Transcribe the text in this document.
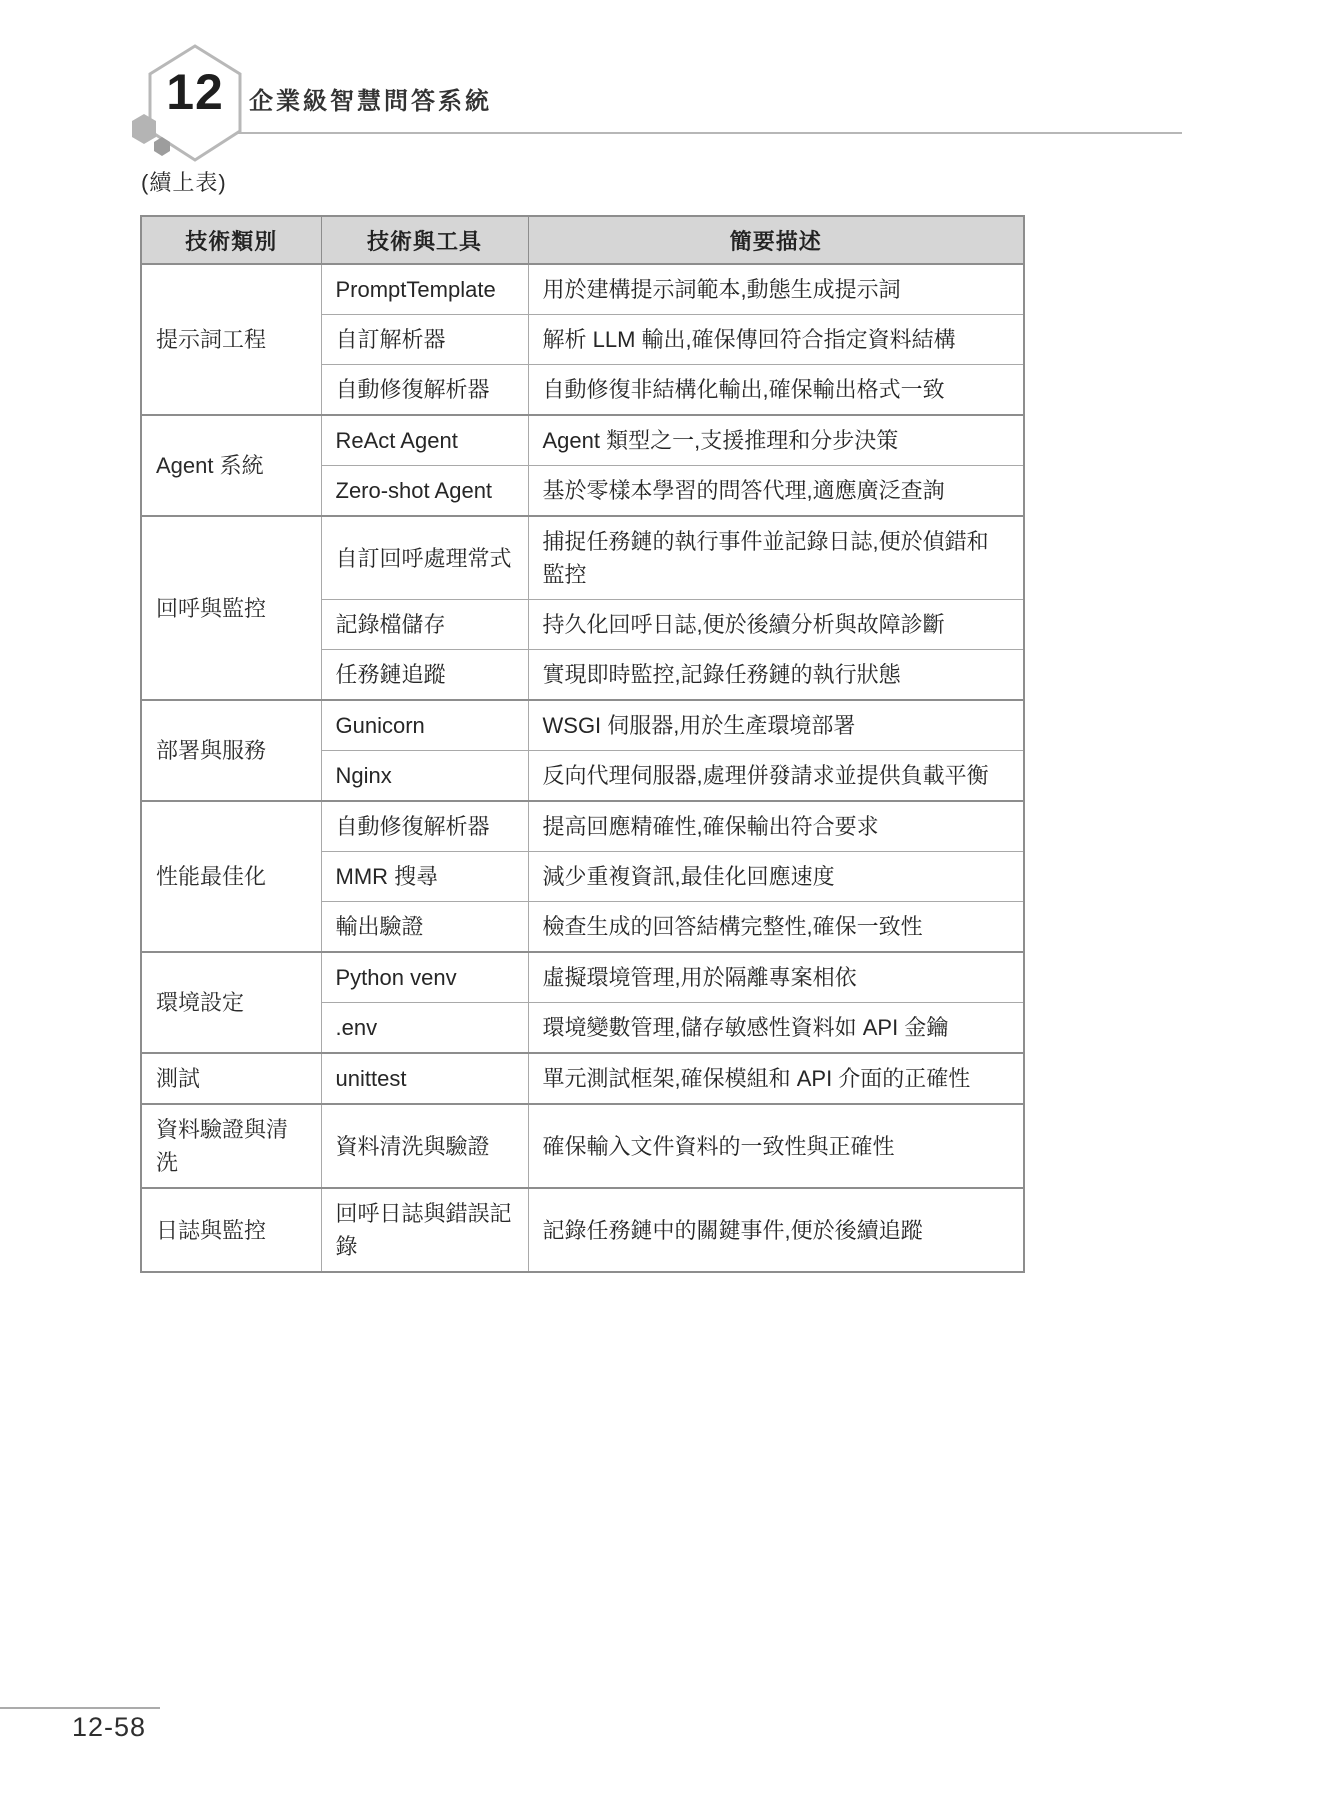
12	企業級智慧問答系統
(續上表)
技術類別	技術與工具	簡要描述
提示詞工程	PromptTemplate	用於建構提示詞範本,動態生成提示詞
	自訂解析器	解析 LLM 輸出,確保傳回符合指定資料結構
	自動修復解析器	自動修復非結構化輸出,確保輸出格式一致
Agent 系統	ReAct Agent	Agent 類型之一,支援推理和分步決策
	Zero-shot Agent	基於零樣本學習的問答代理,適應廣泛查詢
回呼與監控	自訂回呼處理常式	捕捉任務鏈的執行事件並記錄日誌,便於偵錯和監控
	記錄檔儲存	持久化回呼日誌,便於後續分析與故障診斷
	任務鏈追蹤	實現即時監控,記錄任務鏈的執行狀態
部署與服務	Gunicorn	WSGI 伺服器,用於生產環境部署
	Nginx	反向代理伺服器,處理併發請求並提供負載平衡
性能最佳化	自動修復解析器	提高回應精確性,確保輸出符合要求
	MMR 搜尋	減少重複資訊,最佳化回應速度
	輸出驗證	檢查生成的回答結構完整性,確保一致性
環境設定	Python venv	虛擬環境管理,用於隔離專案相依
	.env	環境變數管理,儲存敏感性資料如 API 金鑰
測試	unittest	單元測試框架,確保模組和 API 介面的正確性
資料驗證與清洗	資料清洗與驗證	確保輸入文件資料的一致性與正確性
日誌與監控	回呼日誌與錯誤記錄	記錄任務鏈中的關鍵事件,便於後續追蹤
12-58
